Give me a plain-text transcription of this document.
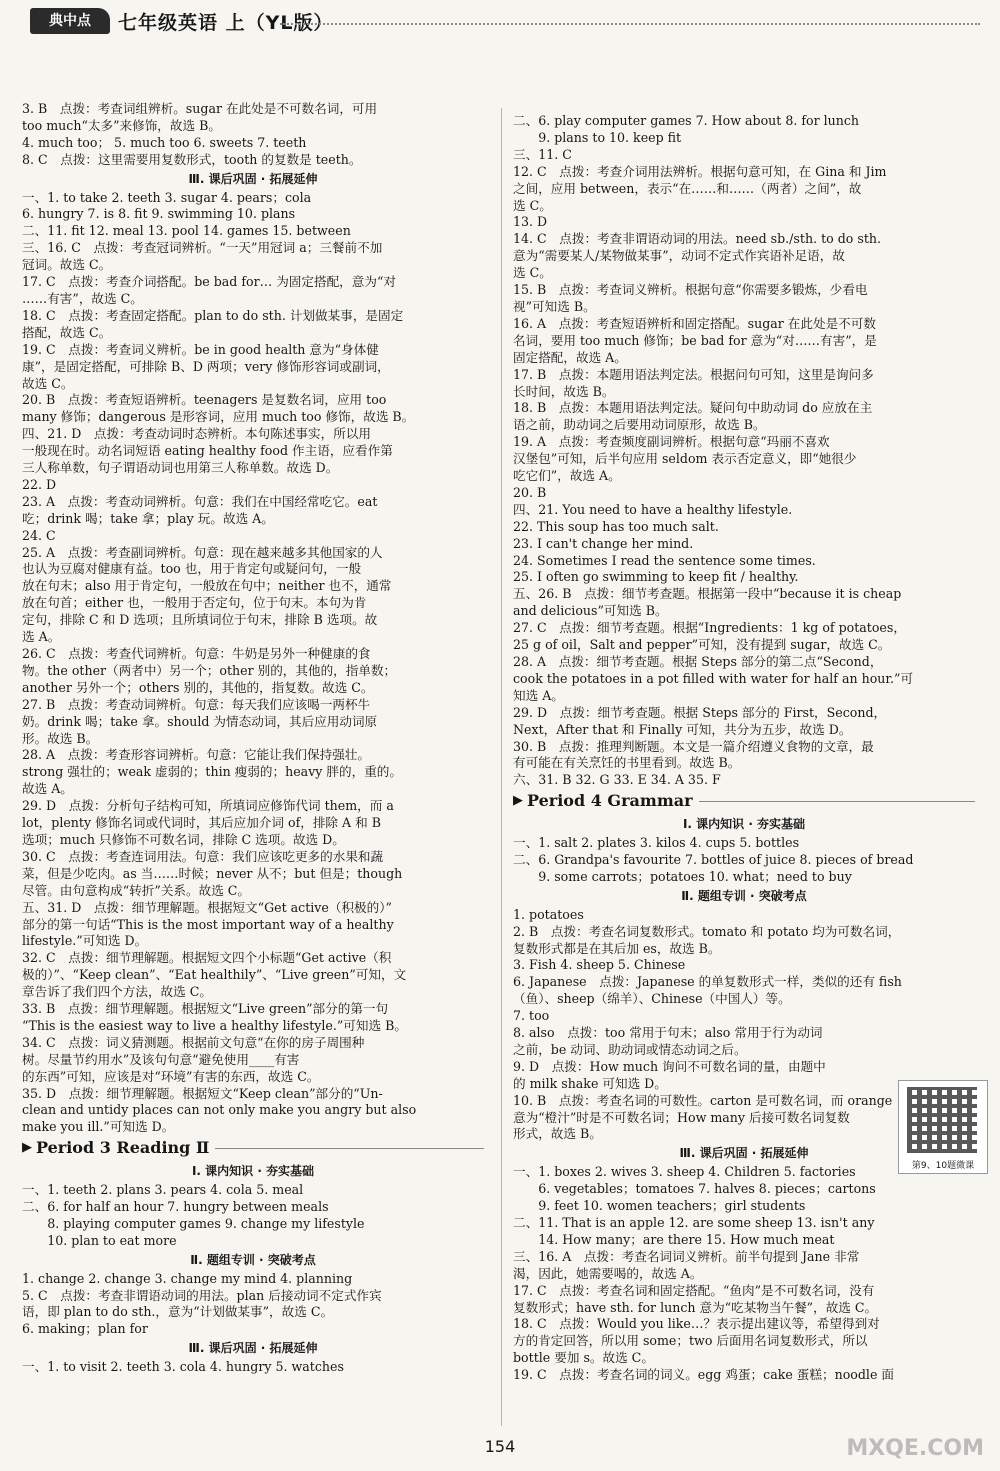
典中点	七年级英语 上（YL版）
3. B　点拨：考查词组辨析。sugar 在此处是不可数名词，可用
too much“太多”来修饰，故选 B。
4. much too； 5. much too 6. sweets 7. teeth
8. C　点拨：这里需要用复数形式，tooth 的复数是 teeth。
Ⅲ. 课后巩固 · 拓展延伸
一、1. to take 2. teeth 3. sugar 4. pears；cola
6. hungry 7. is 8. fit 9. swimming 10. plans
二、11. fit 12. meal 13. pool 14. games 15. between
三、16. C　点拨：考查冠词辨析。“一天”用冠词 a；三餐前不加
冠词。故选 C。
17. C　点拨：考查介词搭配。be bad for… 为固定搭配，意为“对
……有害”，故选 C。
18. C　点拨：考查固定搭配。plan to do sth. 计划做某事，是固定
搭配，故选 C。
19. C　点拨：考查词义辨析。be in good health 意为“身体健
康”，是固定搭配，可排除 B、D 两项；very 修饰形容词或副词，
故选 C。
20. B　点拨：考查短语辨析。teenagers 是复数名词，应用 too
many 修饰；dangerous 是形容词，应用 much too 修饰，故选 B。
四、21. D　点拨：考查动词时态辨析。本句陈述事实，所以用
一般现在时。动名词短语 eating healthy food 作主语，应看作第
三人称单数，句子谓语动词也用第三人称单数。故选 D。
22. D
23. A　点拨：考查动词辨析。句意：我们在中国经常吃它。eat
吃；drink 喝；take 拿；play 玩。故选 A。
24. C
25. A　点拨：考查副词辨析。句意：现在越来越多其他国家的人
也认为豆腐对健康有益。too 也，用于肯定句或疑问句，一般
放在句末；also 用于肯定句，一般放在句中；neither 也不，通常
放在句首；either 也，一般用于否定句，位于句末。本句为肯
定句，排除 C 和 D 选项；且所填词位于句末，排除 B 选项。故
选 A。
26. C　点拨：考查代词辨析。句意：牛奶是另外一种健康的食
物。the other（两者中）另一个；other 别的，其他的，指单数；
another 另外一个；others 别的，其他的，指复数。故选 C。
27. B　点拨：考查动词辨析。句意：每天我们应该喝一两杯牛
奶。drink 喝；take 拿。should 为情态动词，其后应用动词原
形。故选 B。
28. A　点拨：考查形容词辨析。句意：它能让我们保持强壮。
strong 强壮的；weak 虚弱的；thin 瘦弱的；heavy 胖的，重的。
故选 A。
29. D　点拨：分析句子结构可知，所填词应修饰代词 them，而 a
lot，plenty 修饰名词或代词时，其后应加介词 of，排除 A 和 B
选项；much 只修饰不可数名词，排除 C 选项。故选 D。
30. C　点拨：考查连词用法。句意：我们应该吃更多的水果和蔬
菜，但是少吃肉。as 当……时候；never 从不；but 但是；though
尽管。由句意构成“转折”关系。故选 C。
五、31. D　点拨：细节理解题。根据短文“Get active（积极的）”
部分的第一句话“This is the most important way of a healthy
lifestyle.”可知选 D。
32. C　点拨：细节理解题。根据短文四个小标题“Get active（积
极的）”、“Keep clean”、“Eat healthily”、“Live green”可知，文
章告诉了我们四个方法，故选 C。
33. B　点拨：细节理解题。根据短文“Live green”部分的第一句
“This is the easiest way to live a healthy lifestyle.”可知选 B。
34. C　点拨：词义猜测题。根据前文句意“在你的房子周围种
树。尽量节约用水”及该句句意“避免使用____有害
的东西”可知，应该是对“环境”有害的东西，故选 C。
35. D　点拨：细节理解题。根据短文“Keep clean”部分的“Un-
clean and untidy places can not only make you angry but also
make you ill.”可知选 D。
▶ Period 3 Reading Ⅱ
Ⅰ. 课内知识 · 夯实基础
一、1. teeth 2. plans 3. pears 4. cola 5. meal
二、6. for half an hour 7. hungry between meals
　　8. playing computer games 9. change my lifestyle
　　10. plan to eat more
Ⅱ. 题组专训 · 突破考点
1. change 2. change 3. change my mind 4. planning
5. C　点拨：考查非谓语动词的用法。plan 后接动词不定式作宾
语，即 plan to do sth.，意为“计划做某事”，故选 C。
6. making；plan for
Ⅲ. 课后巩固 · 拓展延伸
一、1. to visit 2. teeth 3. cola 4. hungry 5. watches
二、6. play computer games 7. How about 8. for lunch
　　9. plans to 10. keep fit
三、11. C
12. C　点拨：考查介词用法辨析。根据句意可知，在 Gina 和 Jim
之间，应用 between，表示“在……和……（两者）之间”，故
选 C。
13. D
14. C　点拨：考查非谓语动词的用法。need sb./sth. to do sth.
意为“需要某人/某物做某事”，动词不定式作宾语补足语，故
选 C。
15. B　点拨：考查词义辨析。根据句意“你需要多锻炼，少看电
视”可知选 B。
16. A　点拨：考查短语辨析和固定搭配。sugar 在此处是不可数
名词，要用 too much 修饰；be bad for 意为“对……有害”，是
固定搭配，故选 A。
17. B　点拨：本题用语法判定法。根据问句可知，这里是询问多
长时间，故选 B。
18. B　点拨：本题用语法判定法。疑问句中助动词 do 应放在主
语之前，助动词之后要用动词原形，故选 B。
19. A　点拨：考查频度副词辨析。根据句意“玛丽不喜欢
汉堡包”可知，后半句应用 seldom 表示否定意义，即“她很少
吃它们”，故选 A。
20. B
四、21. You need to have a healthy lifestyle.
22. This soup has too much salt.
23. I can't change her mind.
24. Sometimes I read the sentence some times.
25. I often go swimming to keep fit / healthy.
五、26. B　点拨：细节考查题。根据第一段中“because it is cheap
and delicious”可知选 B。
27. C　点拨：细节考查题。根据“Ingredients：1 kg of potatoes，
25 g of oil，Salt and pepper”可知，没有提到 sugar，故选 C。
28. A　点拨：细节考查题。根据 Steps 部分的第二点“Second，
cook the potatoes in a pot filled with water for half an hour.”可
知选 A。
29. D　点拨：细节考查题。根据 Steps 部分的 First，Second，
Next，After that 和 Finally 可知，共分为五步，故选 D。
30. B　点拨：推理判断题。本文是一篇介绍遵义食物的文章，最
有可能在有关烹饪的书里看到。故选 B。
六、31. B 32. G 33. E 34. A 35. F
▶ Period 4 Grammar
Ⅰ. 课内知识 · 夯实基础
一、1. salt 2. plates 3. kilos 4. cups 5. bottles
二、6. Grandpa's favourite 7. bottles of juice 8. pieces of bread
　　9. some carrots；potatoes 10. what；need to buy
Ⅱ. 题组专训 · 突破考点
1. potatoes
2. B　点拨：考查名词复数形式。tomato 和 potato 均为可数名词，
复数形式都是在其后加 es，故选 B。
3. Fish 4. sheep 5. Chinese
6. Japanese　点拨：Japanese 的单复数形式一样，类似的还有 fish
（鱼）、sheep（绵羊）、Chinese（中国人）等。
7. too
8. also　点拨：too 常用于句末；also 常用于行为动词
之前，be 动词、助动词或情态动词之后。
9. D　点拨：How much 询问不可数名词的量，由题中
的 milk shake 可知选 D。
10. B　点拨：考查名词的可数性。carton 是可数名词，而 orange
意为“橙汁”时是不可数名词；How many 后接可数名词复数
形式，故选 B。
Ⅲ. 课后巩固 · 拓展延伸
一、1. boxes 2. wives 3. sheep 4. Children 5. factories
　　6. vegetables；tomatoes 7. halves 8. pieces；cartons
　　9. feet 10. women teachers；girl students
二、11. That is an apple 12. are some sheep 13. isn't any
　　14. How many；are there 15. How much meat
三、16. A　点拨：考查名词词义辨析。前半句提到 Jane 非常
渴，因此，她需要喝的，故选 A。
17. C　点拨：考查名词和固定搭配。“鱼肉”是不可数名词，没有
复数形式；have sth. for lunch 意为“吃某物当午餐”，故选 C。
18. C　点拨：Would you like…？表示提出建议等，希望得到对
方的肯定回答，所以用 some；two 后面用名词复数形式，所以
bottle 要加 s。故选 C。
19. C　点拨：考查名词的词义。egg 鸡蛋；cake 蛋糕；noodle 面
第9、10题微课
154	MXQE.COM
